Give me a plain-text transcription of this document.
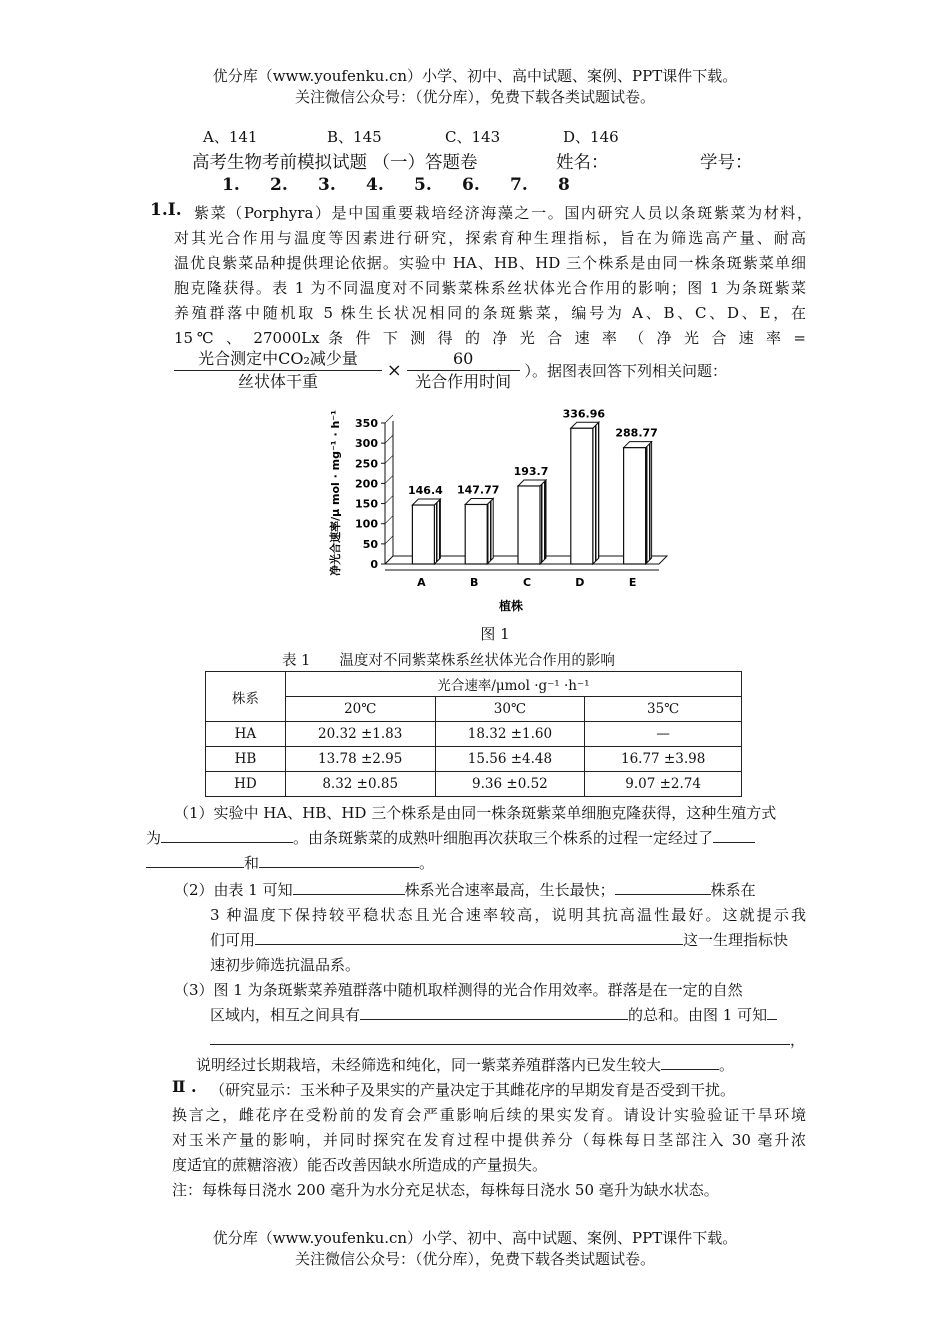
优分库（www.youfenku.cn）小学、初中、高中试题、案例、PPT课件下载。
关注微信公众号：（优分库），免费下载各类试题试卷。
A、141	B、145	C、143	D、146
高考生物考前模拟试题 （一）答题卷	姓名：	学号：
1. 2. 3. 4. 5. 6. 7. 8
1.Ⅰ. 紫菜（Porphyra）是中国重要栽培经济海藻之一。国内研究人员以条斑紫菜为材料，
对其光合作用与温度等因素进行研究，探索育种生理指标，旨在为筛选高产量、耐高
温优良紫菜品种提供理论依据。实验中 HA、HB、HD 三个株系是由同一株条斑紫菜单细
胞克隆获得。表 1 为不同温度对不同紫菜株系丝状体光合作用的影响；图 1 为条斑紫菜
养殖群落中随机取 5 株生长状况相同的条斑紫菜，编号为 A、B、C、D、E，在
15℃ 、 27000Lx 条 件 下 测 得 的 净 光 合 速 率 （ 净 光 合 速 率 =
$\frac{\text{光合测定中CO₂减少量}}{\text{丝状体干重}} \times \frac{60}{\text{光合作用时间}}$ ）。据图表回答下列相关问题：
0
50
100
150
200
250
300
350
146.4 147.77
193.7
336.96
288.77
A	B	C	D	E
净光合速率/μ mol · mg⁻¹ · h⁻¹
植株
图 1
表 1　　温度对不同紫菜株系丝状体光合作用的影响
株系	光合速率/μmol ·g⁻¹ ·h⁻¹		
	20℃	30℃	35℃
HA	20.32 ±1.83	18.32 ±1.60	—
HB	13.78 ±2.95	15.56 ±4.48	16.77 ±3.98
HD	8.32 ±0.85	9.36 ±0.52	9.07 ±2.74
（1）实验中 HA、HB、HD 三个株系是由同一株条斑紫菜单细胞克隆获得，这种生殖方式
为	。由条斑紫菜的成熟叶细胞再次获取三个株系的过程一定经过了
和	。
（2）由表 1 可知	株系光合速率最高，生长最快；	株系在
3 种温度下保持较平稳状态且光合速率较高，说明其抗高温性最好。这就提示我
们可用	这一生理指标快
速初步筛选抗温品系。
（3）图 1 为条斑紫菜养殖群落中随机取样测得的光合作用效率。群落是在一定的自然
区域内，相互之间具有	的总和。由图 1 可知
，
说明经过长期栽培，未经筛选和纯化，同一紫菜养殖群落内已发生较大	。
Ⅱ . （研究显示：玉米种子及果实的产量决定于其雌花序的早期发育是否受到干扰。
换言之，雌花序在受粉前的发育会严重影响后续的果实发育。请设计实验验证干旱环境
对玉米产量的影响，并同时探究在发育过程中提供养分（每株每日茎部注入 30 毫升浓
度适宜的蔗糖溶液）能否改善因缺水所造成的产量损失。
注：每株每日浇水 200 毫升为水分充足状态，每株每日浇水 50 毫升为缺水状态。
优分库（www.youfenku.cn）小学、初中、高中试题、案例、PPT课件下载。
关注微信公众号：（优分库），免费下载各类试题试卷。
